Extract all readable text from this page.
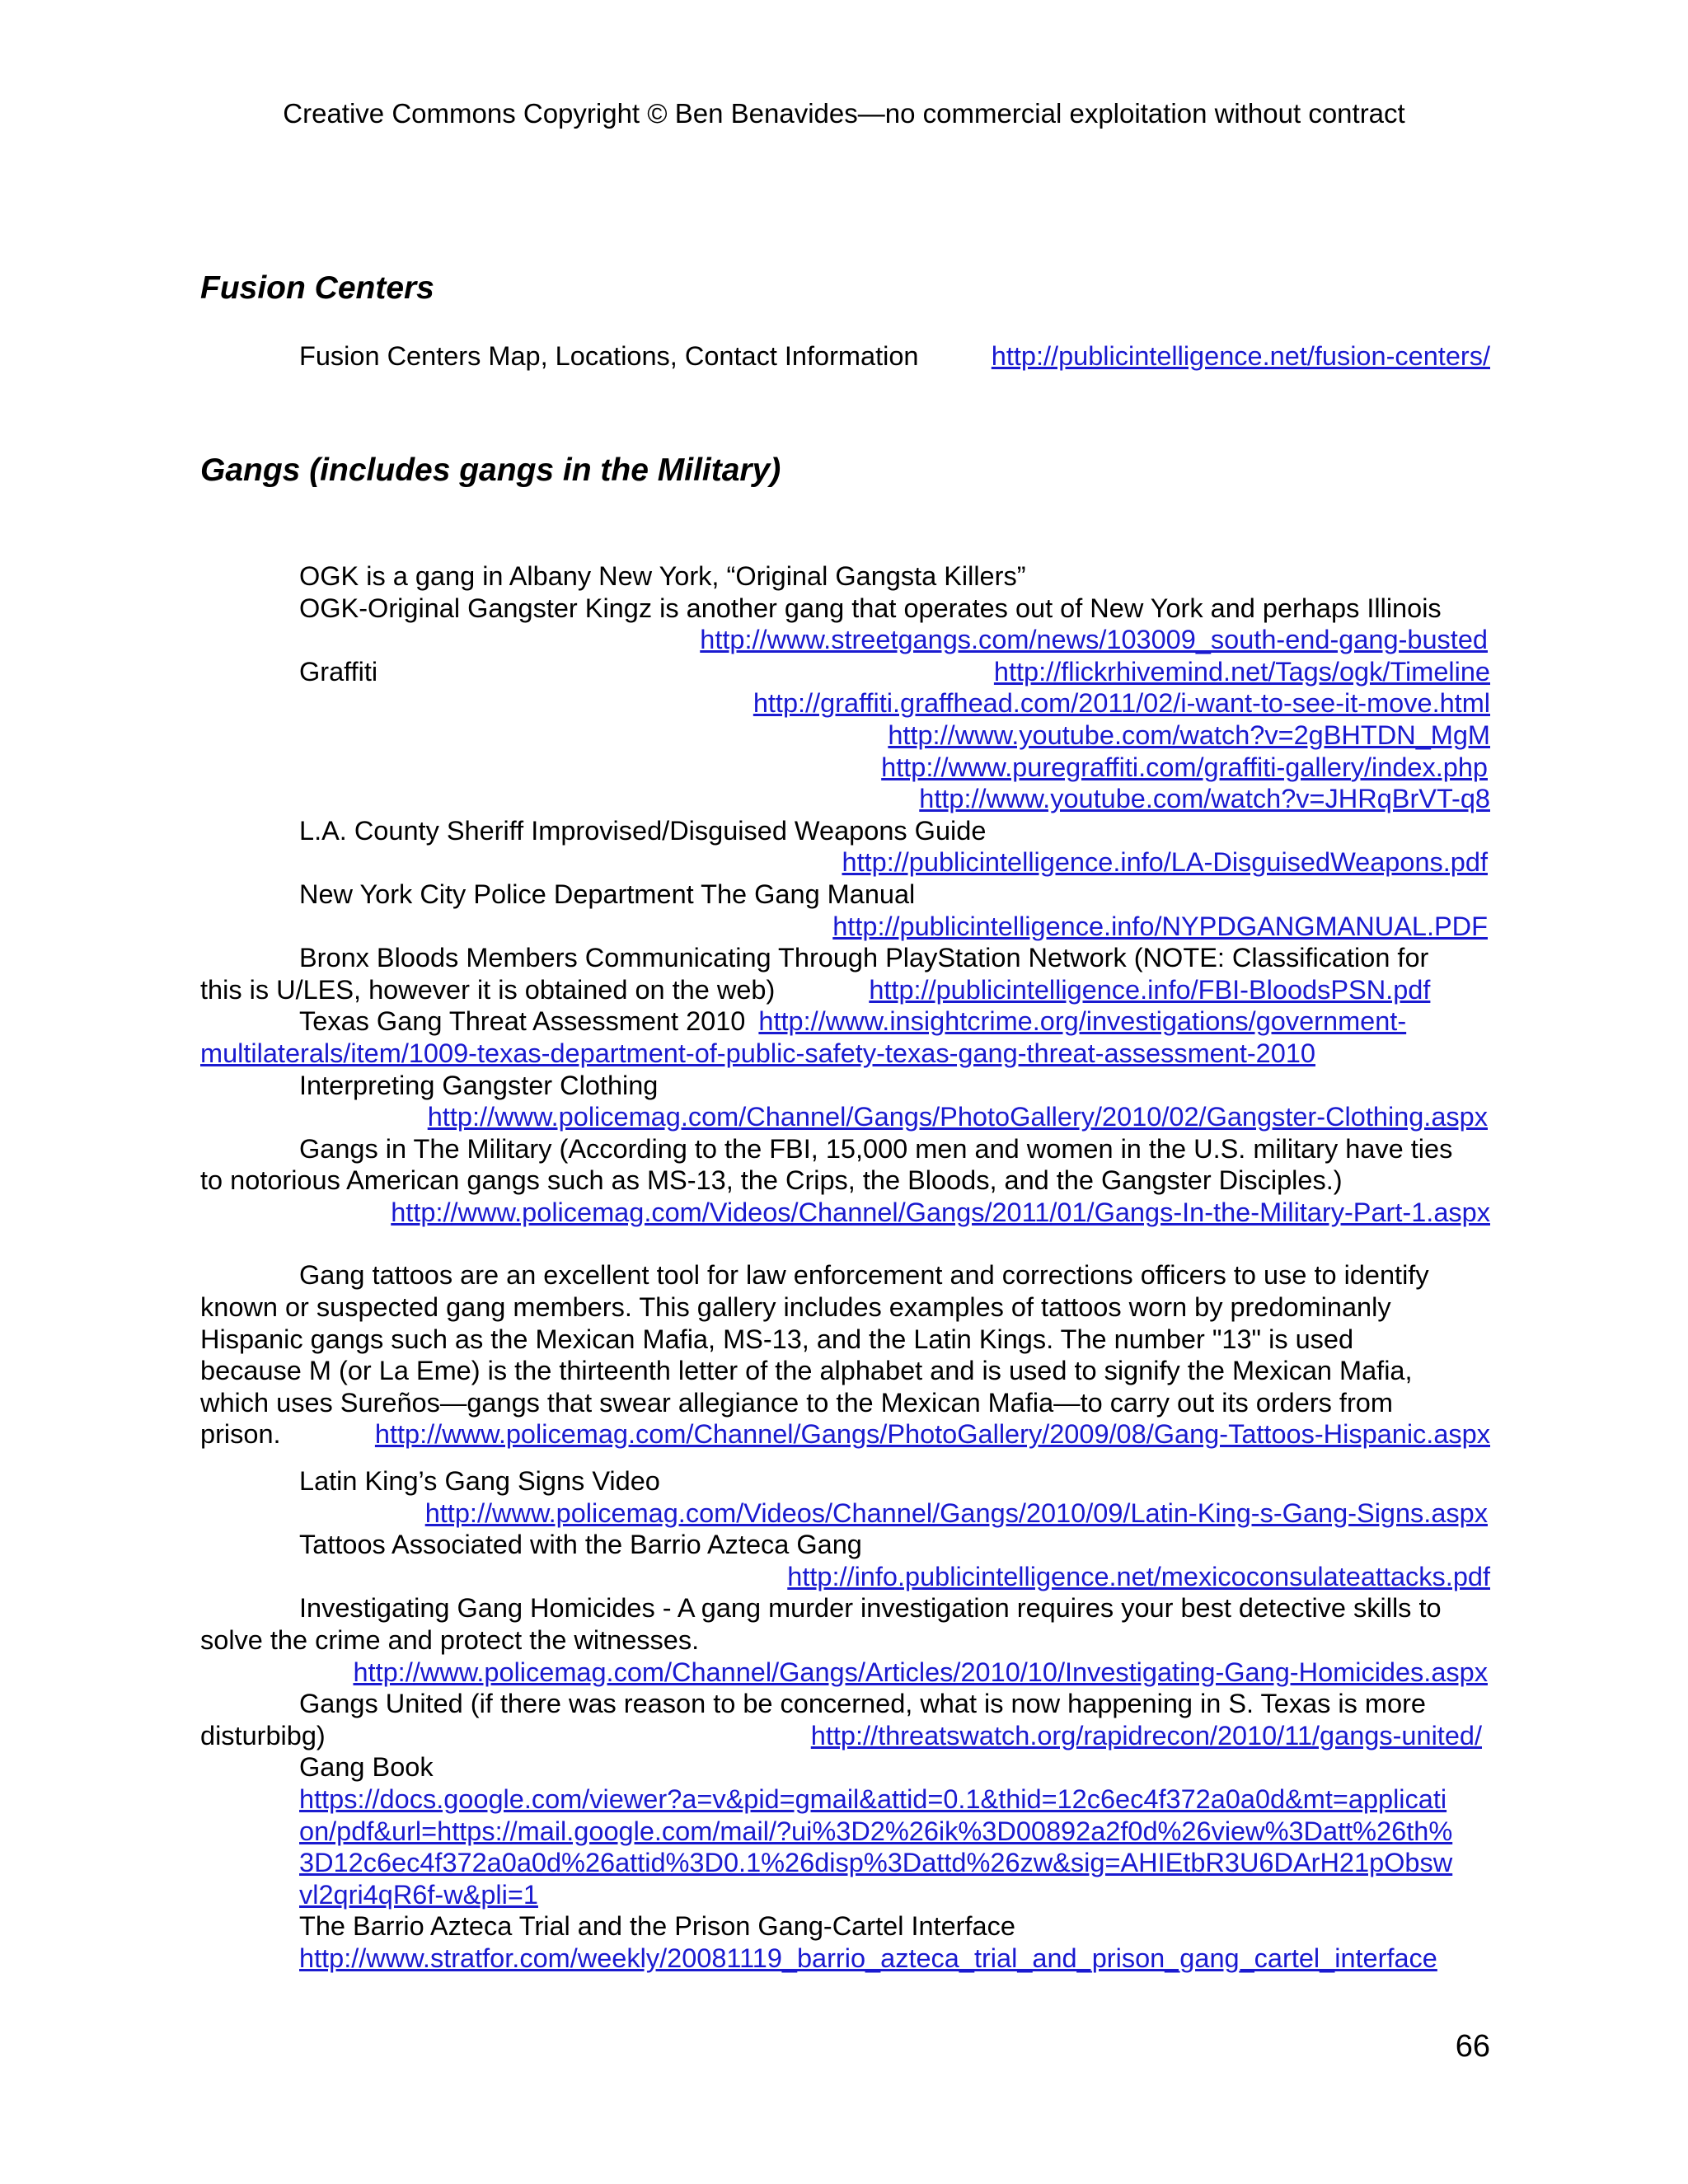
Creative Commons Copyright © Ben Benavides—no commercial exploitation without contract
Fusion Centers
Fusion Centers Map, Locations, Contact Information	http://publicintelligence.net/fusion-centers/
Gangs (includes gangs in the Military)
OGK is a gang in Albany New York, “Original Gangsta Killers”
OGK-Original Gangster Kingz is another gang that operates out of New York and perhaps Illinois
http://www.streetgangs.com/news/103009_south-end-gang-busted
Graffiti	http://flickrhivemind.net/Tags/ogk/Timeline
http://graffiti.graffhead.com/2011/02/i-want-to-see-it-move.html
http://www.youtube.com/watch?v=2gBHTDN_MgM
http://www.puregraffiti.com/graffiti-gallery/index.php
http://www.youtube.com/watch?v=JHRqBrVT-q8
L.A. County Sheriff Improvised/Disguised Weapons Guide
http://publicintelligence.info/LA-DisguisedWeapons.pdf
New York City Police Department The Gang Manual
http://publicintelligence.info/NYPDGANGMANUAL.PDF
Bronx Bloods Members Communicating Through PlayStation Network (NOTE: Classification for
this is U/LES, however it is obtained on the web)	http://publicintelligence.info/FBI-BloodsPSN.pdf
Texas Gang Threat Assessment 2010 http://www.insightcrime.org/investigations/government-
multilaterals/item/1009-texas-department-of-public-safety-texas-gang-threat-assessment-2010
Interpreting Gangster Clothing
http://www.policemag.com/Channel/Gangs/PhotoGallery/2010/02/Gangster-Clothing.aspx
Gangs in The Military (According to the FBI, 15,000 men and women in the U.S. military have ties
to notorious American gangs such as MS-13, the Crips, the Bloods, and the Gangster Disciples.)
http://www.policemag.com/Videos/Channel/Gangs/2011/01/Gangs-In-the-Military-Part-1.aspx
Gang tattoos are an excellent tool for law enforcement and corrections officers to use to identify
known or suspected gang members. This gallery includes examples of tattoos worn by predominanly
Hispanic gangs such as the Mexican Mafia, MS-13, and the Latin Kings. The number "13" is used
because M (or La Eme) is the thirteenth letter of the alphabet and is used to signify the Mexican Mafia,
which uses Sureños—gangs that swear allegiance to the Mexican Mafia—to carry out its orders from
prison.	http://www.policemag.com/Channel/Gangs/PhotoGallery/2009/08/Gang-Tattoos-Hispanic.aspx
Latin King’s Gang Signs Video
http://www.policemag.com/Videos/Channel/Gangs/2010/09/Latin-King-s-Gang-Signs.aspx
Tattoos Associated with the Barrio Azteca Gang
http://info.publicintelligence.net/mexicoconsulateattacks.pdf
Investigating Gang Homicides - A gang murder investigation requires your best detective skills to
solve the crime and protect the witnesses.
http://www.policemag.com/Channel/Gangs/Articles/2010/10/Investigating-Gang-Homicides.aspx
Gangs United (if there was reason to be concerned, what is now happening in S. Texas is more
disturbibg)	http://threatswatch.org/rapidrecon/2010/11/gangs-united/
Gang Book
https://docs.google.com/viewer?a=v&pid=gmail&attid=0.1&thid=12c6ec4f372a0a0d&mt=applicati
on/pdf&url=https://mail.google.com/mail/?ui%3D2%26ik%3D00892a2f0d%26view%3Datt%26th%
3D12c6ec4f372a0a0d%26attid%3D0.1%26disp%3Dattd%26zw&sig=AHIEtbR3U6DArH21pObsw
vl2qri4qR6f-w&pli=1
The Barrio Azteca Trial and the Prison Gang-Cartel Interface
http://www.stratfor.com/weekly/20081119_barrio_azteca_trial_and_prison_gang_cartel_interface
66
